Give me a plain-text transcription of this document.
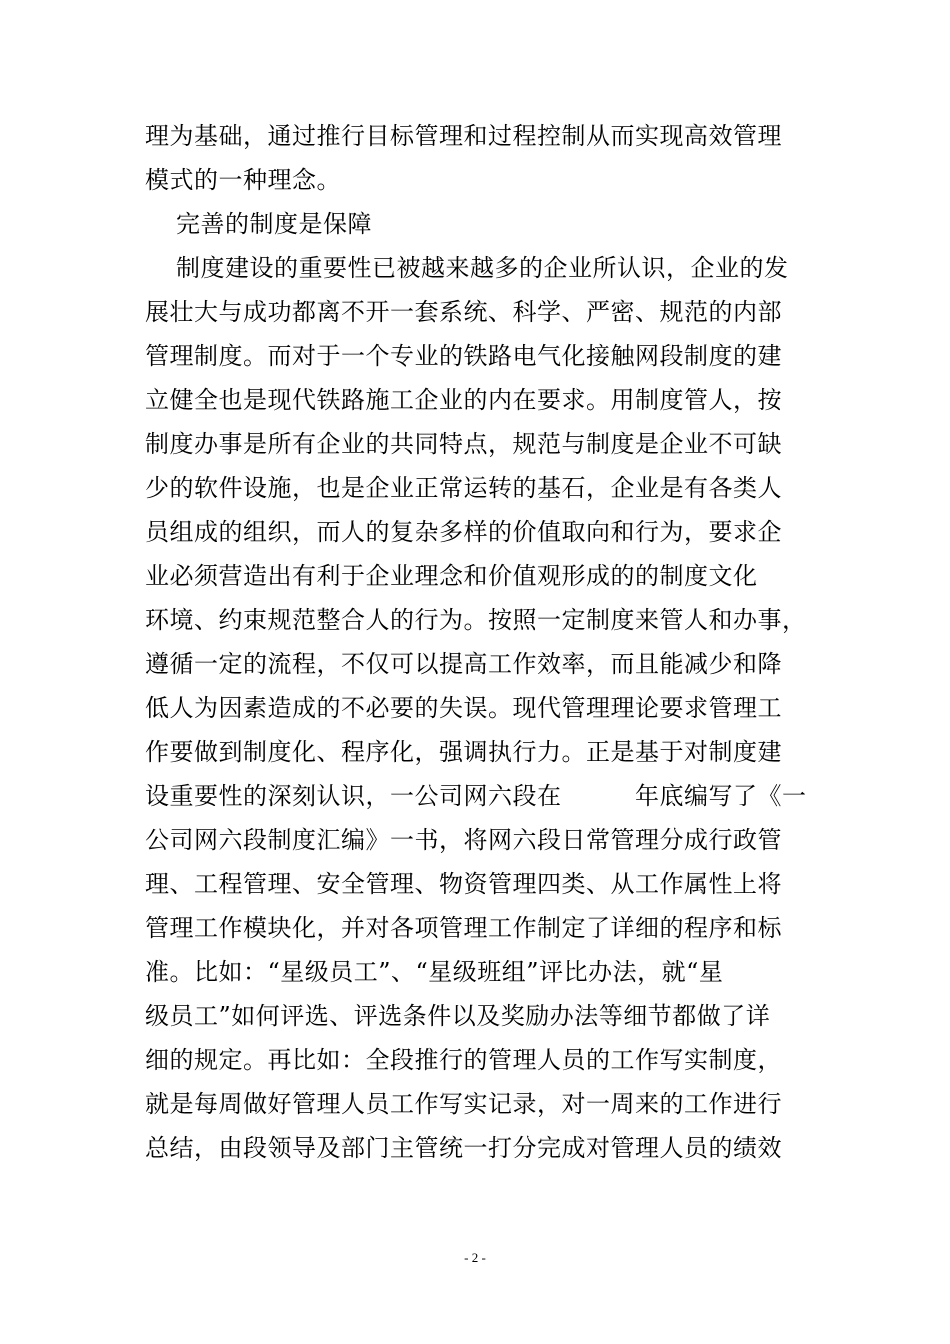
理为基础，通过推行目标管理和过程控制从而实现高效管理
模式的一种理念。
完善的制度是保障
制度建设的重要性已被越来越多的企业所认识，企业的发
展壮大与成功都离不开一套系统、科学、严密、规范的内部
管理制度。而对于一个专业的铁路电气化接触网段制度的建
立健全也是现代铁路施工企业的内在要求。用制度管人，按
制度办事是所有企业的共同特点，规范与制度是企业不可缺
少的软件设施，也是企业正常运转的基石，企业是有各类人
员组成的组织，而人的复杂多样的价值取向和行为，要求企
业必须营造出有利于企业理念和价值观形成的的制度文化
环境、约束规范整合人的行为。按照一定制度来管人和办事，
遵循一定的流程，不仅可以提高工作效率，而且能减少和降
低人为因素造成的不必要的失误。现代管理理论要求管理工
作要做到制度化、程序化，强调执行力。正是基于对制度建
设重要性的深刻认识，一公司网六段在　　　年底编写了《一
公司网六段制度汇编》一书，将网六段日常管理分成行政管
理、工程管理、安全管理、物资管理四类、从工作属性上将
管理工作模块化，并对各项管理工作制定了详细的程序和标
准。比如：“星级员工”、“星级班组”评比办法，就“星
级员工”如何评选、评选条件以及奖励办法等细节都做了详
细的规定。再比如：全段推行的管理人员的工作写实制度，
就是每周做好管理人员工作写实记录，对一周来的工作进行
总结，由段领导及部门主管统一打分完成对管理人员的绩效
- 2 -
